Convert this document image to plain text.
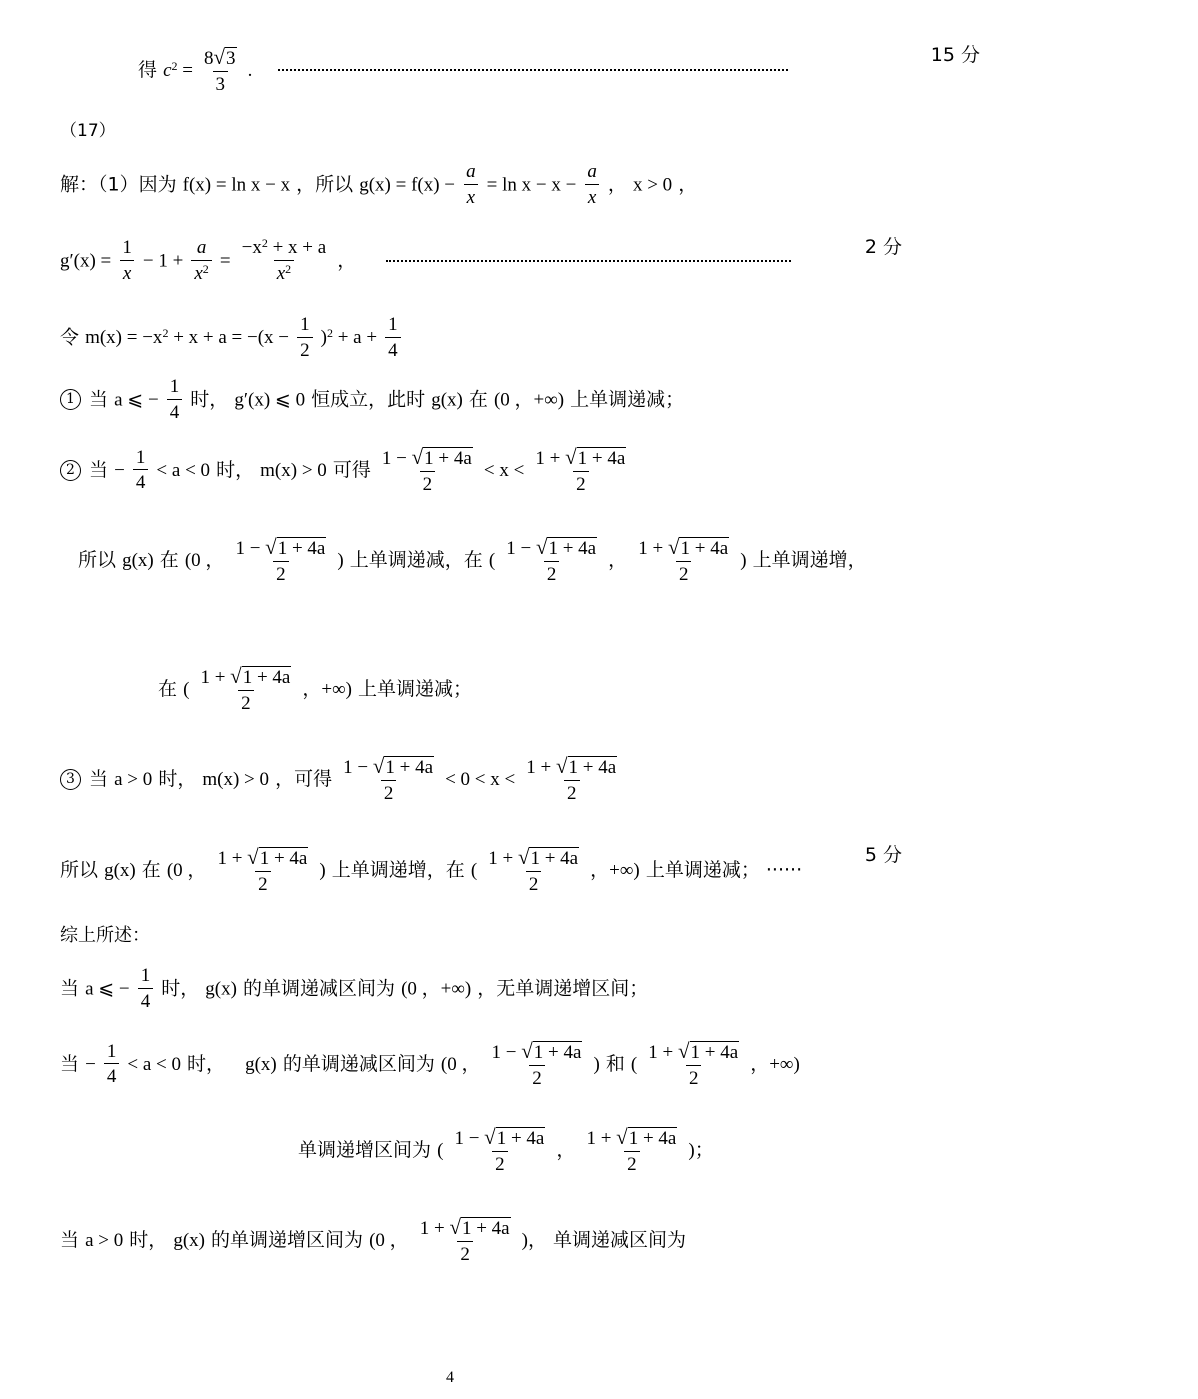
得 $c^2 = \frac{8√3}{3}$ .
15 分
（17）
解：（1）因为 f(x) = ln x − x ，所以 $g(x) = f(x) - \frac{a}{x} = \ln x - x - \frac{a}{x}$ ， x > 0 ，
$g'(x) = \frac{1}{x} - 1 + \frac{a}{x^2} = \frac{-x^2 + x + a}{x^2}$ ，
2 分
令 $m(x) = -x^2 + x + a = -(x - \frac{1}{2} )^2 + a + \frac{1}{4}$
1 当 a ⩽ − $\frac{1}{4}$ 时， g′(x) ⩽ 0 恒成立，此时 g(x) 在 (0 ，+∞) 上单调递减；
2 当 − $\frac{1}{4} < a < 0$ 时， m(x) > 0 可得 $\frac{1 - √1 + 4a}{2} < x < \frac{1 + √1 + 4a}{2}$
所以 g(x) 在 (0 ， $\frac{1 - √1 + 4a}{2}$ ) 上单调递减，在 ( $\frac{1 - √1 + 4a}{2}$ ， $\frac{1 + √1 + 4a}{2}$ ) 上单调递增，
在 ( $\frac{1 + √1 + 4a}{2}$ ，+∞) 上单调递减；
3 当 a > 0 时， m(x) > 0 ，可得 $\frac{1 - √1 + 4a}{2} < 0 < x < \frac{1 + √1 + 4a}{2}$
所以 g(x) 在 (0 ， $\frac{1 + √1 + 4a}{2}$ ) 上单调递增，在 ( $\frac{1 + √1 + 4a}{2}$ ，+∞) 上单调递减； ······
5 分
综上所述：
当 a ⩽ − $\frac{1}{4}$ 时， g(x) 的单调递减区间为 (0 ，+∞) ，无单调递增区间；
当 − $\frac{1}{4} < a < 0$ 时， g(x) 的单调递减区间为 (0 ， $\frac{1 - √1 + 4a}{2}$ ) 和 ( $\frac{1 + √1 + 4a}{2}$ ，+∞)
单调递增区间为 ( $\frac{1 - √1 + 4a}{2}$ ， $\frac{1 + √1 + 4a}{2}$ )；
当 a > 0 时， g(x) 的单调递增区间为 (0 ， $\frac{1 + √1 + 4a}{2}$ )， 单调递减区间为
4
